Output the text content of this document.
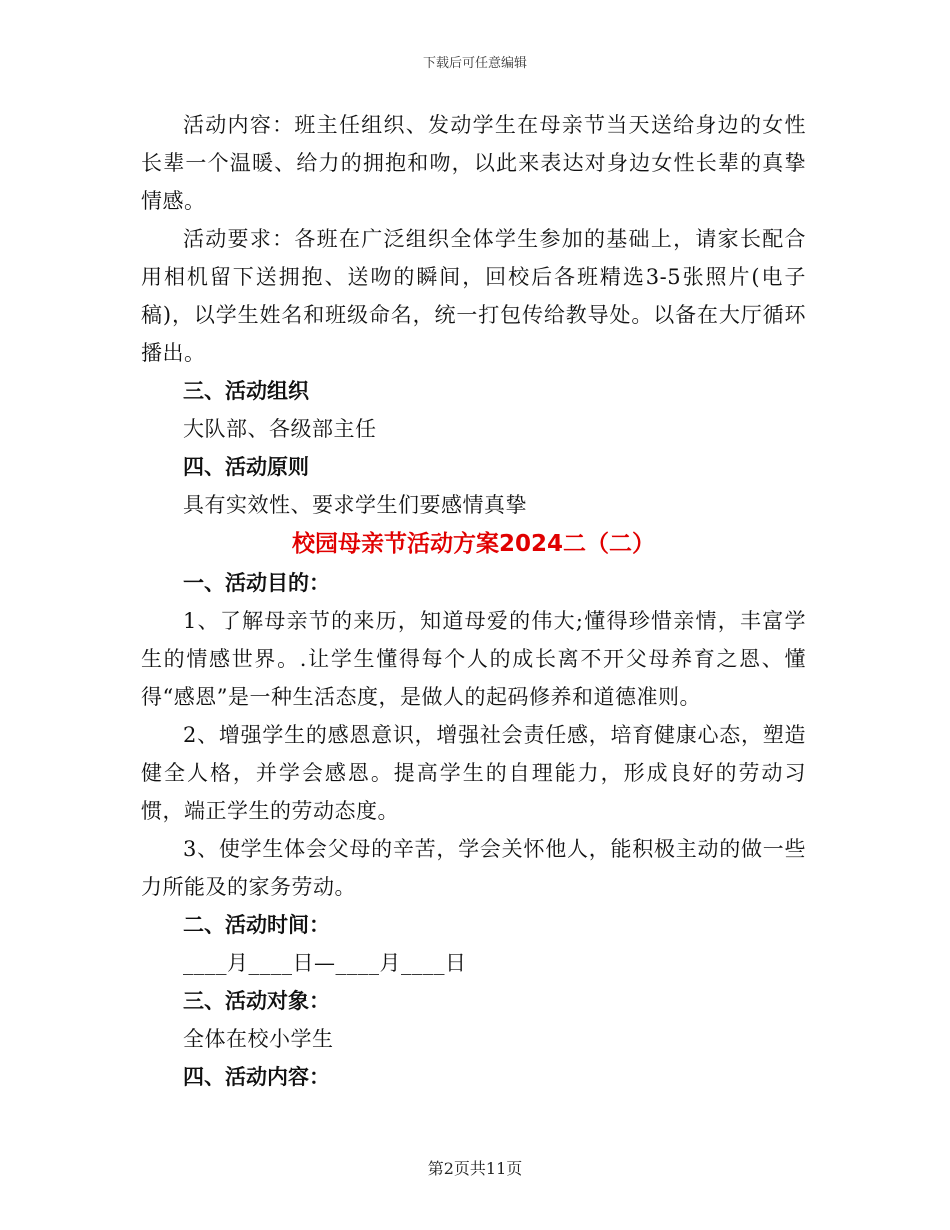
下载后可任意编辑

活动内容：班主任组织、发动学生在母亲节当天送给身边的女性长辈一个温暖、给力的拥抱和吻，以此来表达对身边女性长辈的真挚情感。

活动要求：各班在广泛组织全体学生参加的基础上，请家长配合用相机留下送拥抱、送吻的瞬间，回校后各班精选3-5张照片(电子稿)，以学生姓名和班级命名，统一打包传给教导处。以备在大厅循环播出。

三、活动组织

大队部、各级部主任

四、活动原则

具有实效性、要求学生们要感情真挚

校园母亲节活动方案2024二（二）

一、活动目的：

1、了解母亲节的来历，知道母爱的伟大;懂得珍惜亲情，丰富学生的情感世界。.让学生懂得每个人的成长离不开父母养育之恩、懂得“感恩”是一种生活态度，是做人的起码修养和道德准则。

2、增强学生的感恩意识，增强社会责任感，培育健康心态，塑造健全人格，并学会感恩。提高学生的自理能力，形成良好的劳动习惯，端正学生的劳动态度。

3、使学生体会父母的辛苦，学会关怀他人，能积极主动的做一些力所能及的家务劳动。

二、活动时间：

____月____日—____月____日

三、活动对象：

全体在校小学生

四、活动内容：

第2页共11页
